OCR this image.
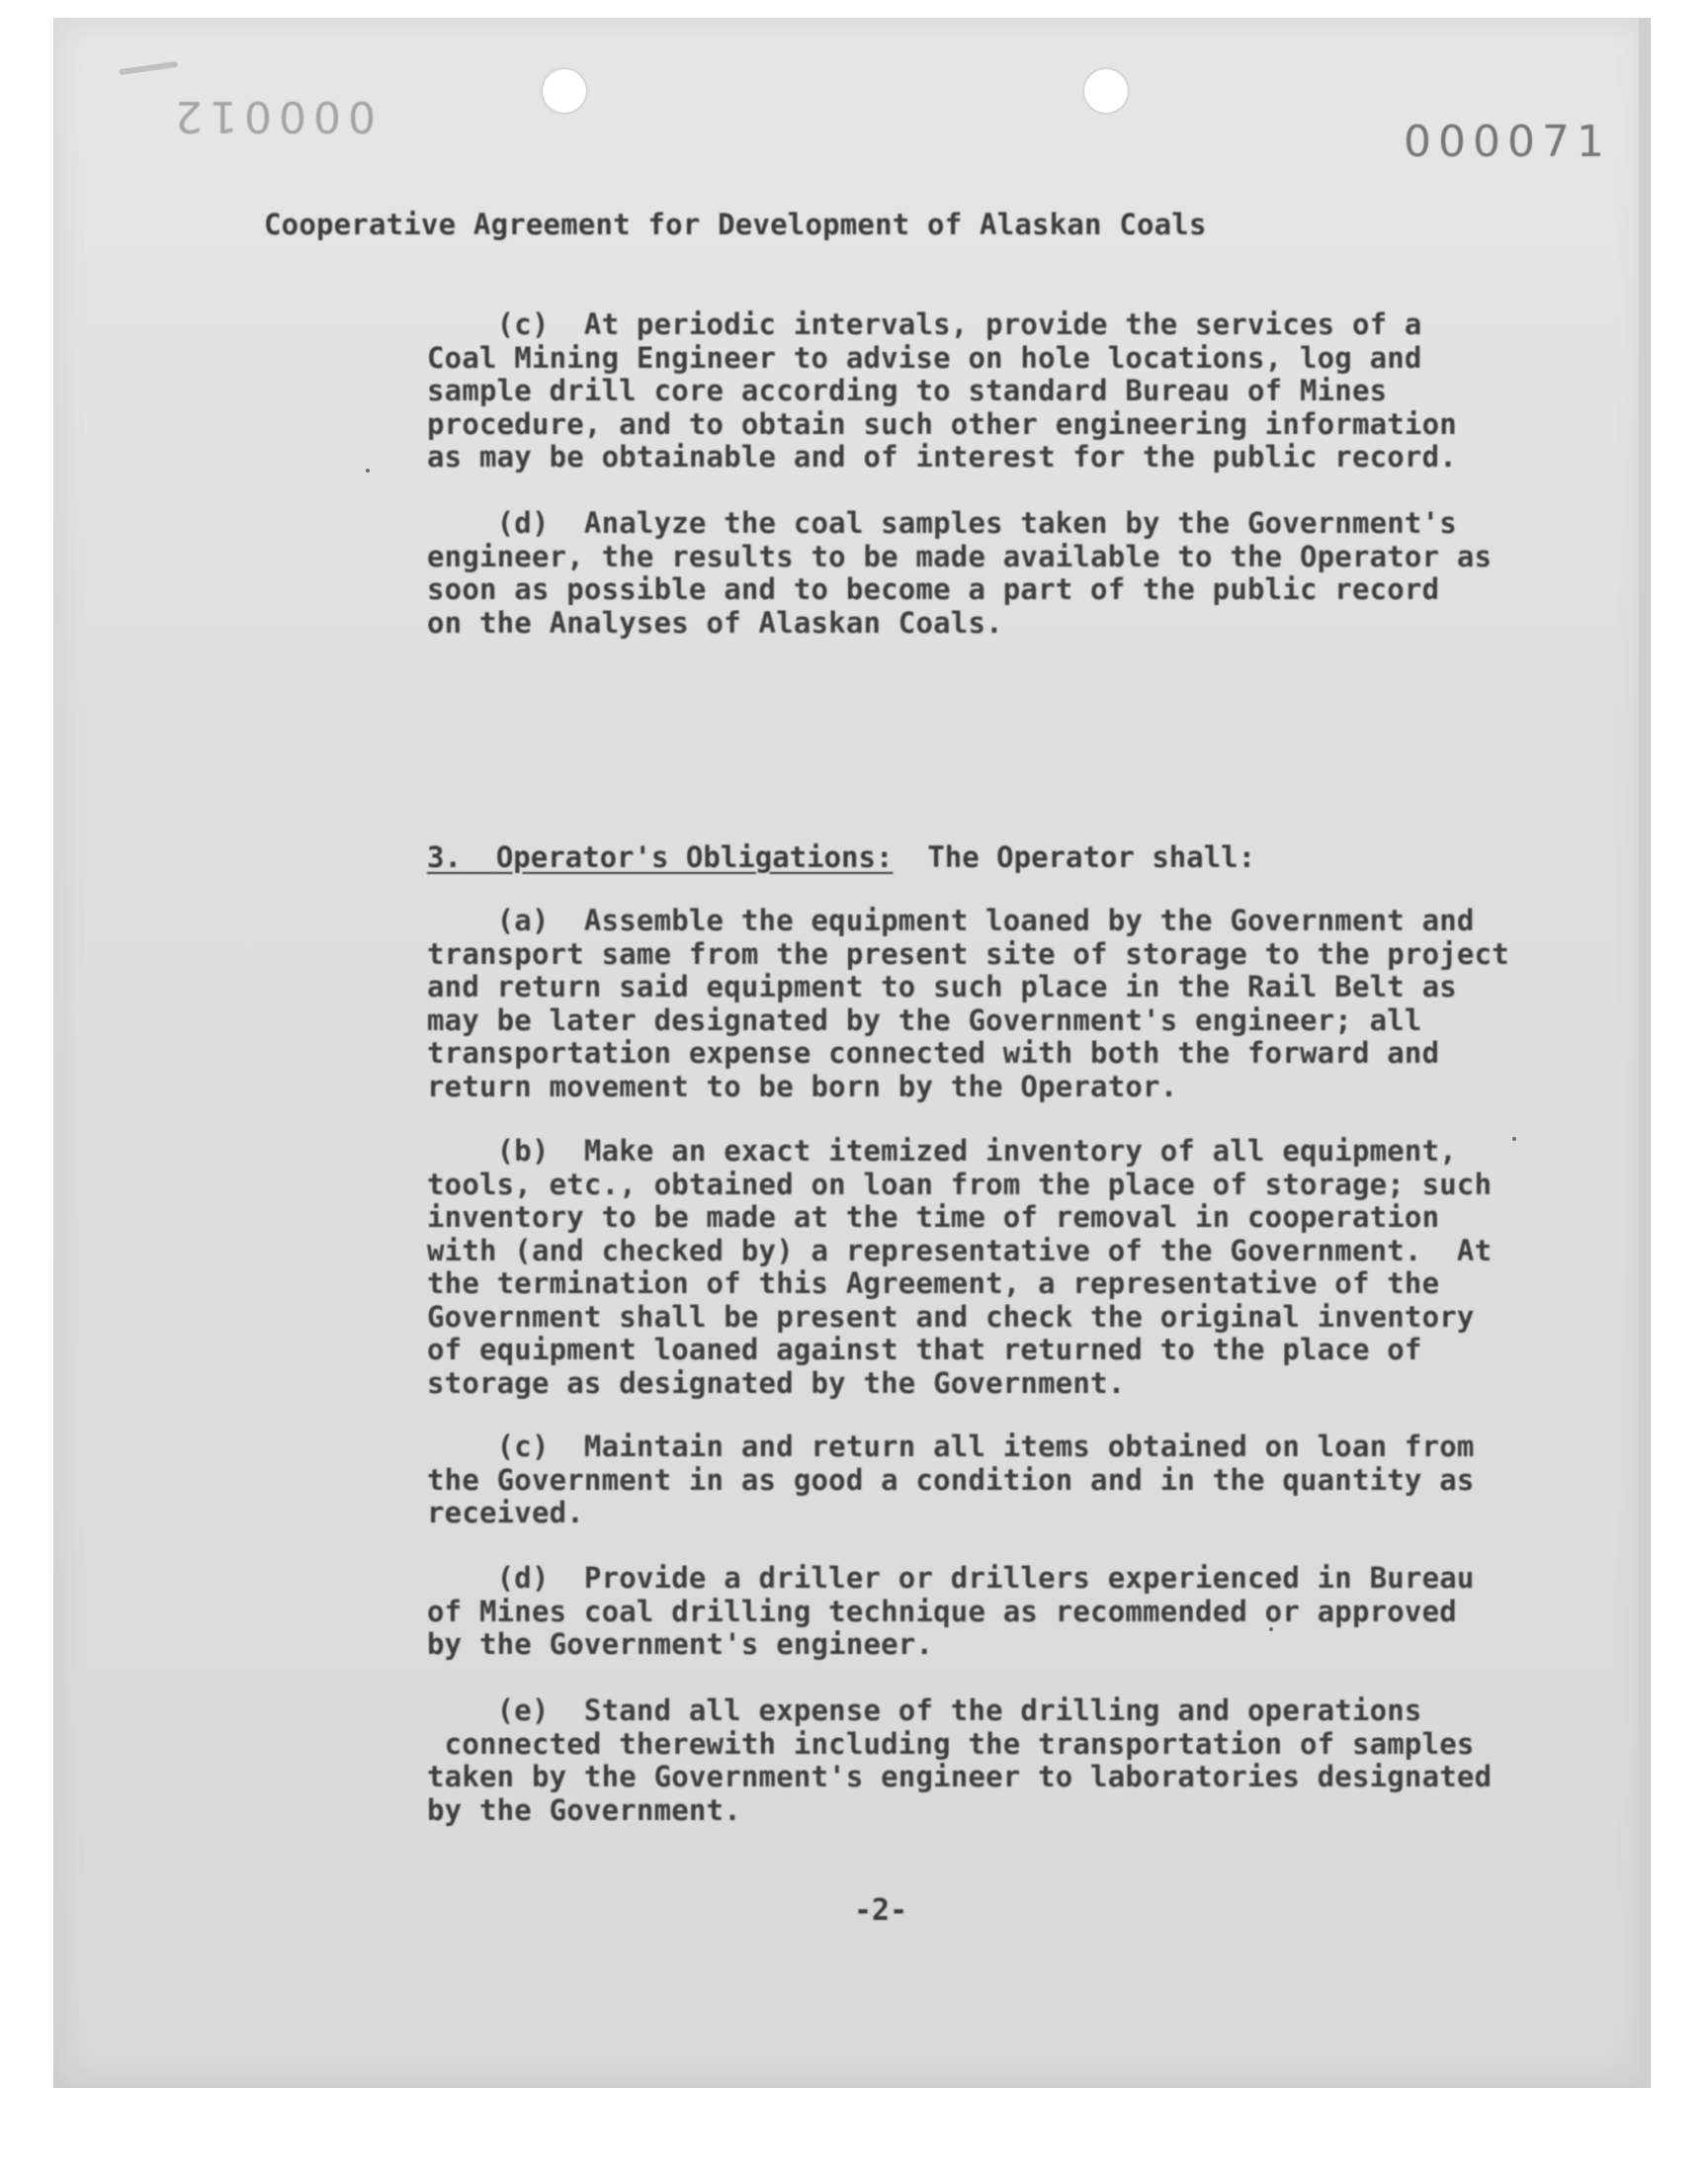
000012
000071
Cooperative Agreement for Development of Alaskan Coals
(c)  At periodic intervals, provide the services of a
Coal Mining Engineer to advise on hole locations, log and
sample drill core according to standard Bureau of Mines
procedure, and to obtain such other engineering information
as may be obtainable and of interest for the public record.
(d)  Analyze the coal samples taken by the Government's
engineer, the results to be made available to the Operator as
soon as possible and to become a part of the public record
on the Analyses of Alaskan Coals.
3. Operator's Obligations: The Operator shall:
(a)  Assemble the equipment loaned by the Government and
transport same from the present site of storage to the project
and return said equipment to such place in the Rail Belt as
may be later designated by the Government's engineer; all
transportation expense connected with both the forward and
return movement to be born by the Operator.
(b)  Make an exact itemized inventory of all equipment,
tools, etc., obtained on loan from the place of storage; such
inventory to be made at the time of removal in cooperation
with (and checked by) a representative of the Government.  At
the termination of this Agreement, a representative of the
Government shall be present and check the original inventory
of equipment loaned against that returned to the place of
storage as designated by the Government.
(c)  Maintain and return all items obtained on loan from
the Government in as good a condition and in the quantity as
received.
(d)  Provide a driller or drillers experienced in Bureau
of Mines coal drilling technique as recommended or approved
by the Government's engineer.
(e)  Stand all expense of the drilling and operations
connected therewith including the transportation of samples
taken by the Government's engineer to laboratories designated
by the Government.
-2-
